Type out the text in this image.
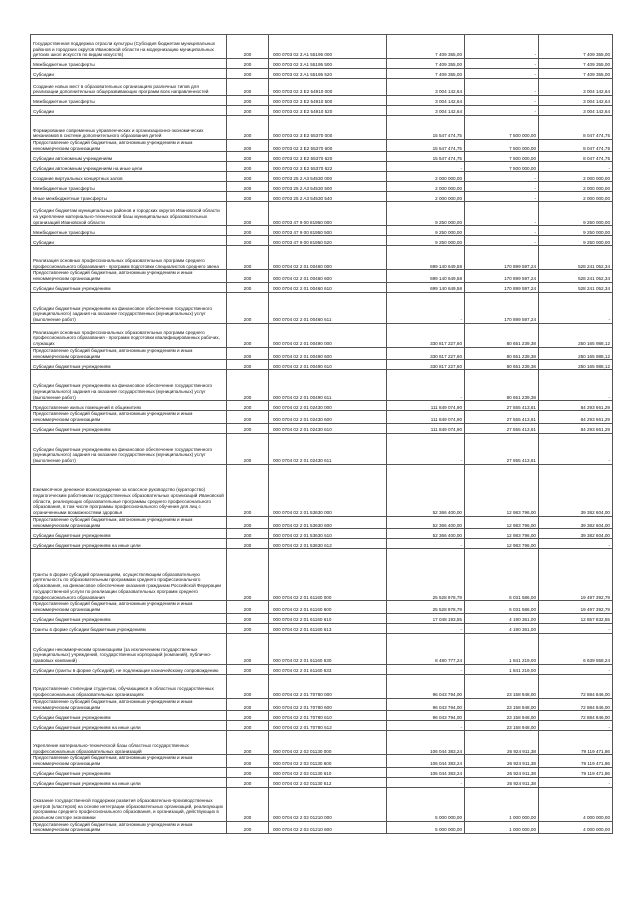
Государственная поддержка отрасли культуры (Субсидия бюджетам муниципальных районов и городских округов Ивановской области на модернизацию муниципальных детских школ искусств по видам искусств)	200	000 0703 02 3 A1 55195 000	7 409 355,00	-	7 409 355,00
Межбюджетные трансферты	200	000 0703 02 3 A1 55195 500	7 409 355,00	-	7 409 355,00
Субсидии	200	000 0703 02 3 A1 55195 520	7 409 355,00	-	7 409 355,00
Создание новых мест в образовательных организациях различных типов для реализации дополнительных общеразвивающих программ всех направленностей	200	000 0703 02 3 E2 54910 000	3 004 142,64	-	3 004 142,64
Межбюджетные трансферты	200	000 0703 02 3 E2 54910 500	3 004 142,64	-	3 004 142,64
Субсидии	200	000 0703 02 3 E2 54910 520	3 004 142,64	-	3 004 142,64
Формирование современных управленческих и организационно-экономических механизмов в системе дополнительного образования детей	200	000 0703 02 3 E2 55370 000	15 547 474,75	7 500 000,00	8 047 474,75
Предоставление субсидий бюджетным, автономным учреждениям и иным некоммерческим организациям	200	000 0703 02 3 E2 55370 600	15 547 474,75	7 500 000,00	8 047 474,75
Субсидии автономным учреждениям	200	000 0703 02 3 E2 55370 620	15 547 474,75	7 500 000,00	8 047 474,75
Субсидии автономным учреждениям на иные цели	200	000 0703 02 3 E2 55370 622	-	7 500 000,00	-
Создание виртуальных концертных залов	200	000 0703 25 2 A3 54530 000	2 000 000,00	-	2 000 000,00
Межбюджетные трансферты	200	000 0703 25 2 A3 54530 500	2 000 000,00	-	2 000 000,00
Иные межбюджетные трансферты	200	000 0703 25 2 A3 54530 540	2 000 000,00	-	2 000 000,00
Субсидии бюджетам муниципальных районов и городских округов Ивановской области на укрепление материально-технической базы муниципальных образовательных организаций Ивановской области	200	000 0703 47 9 00 81950 000	9 250 000,00	-	9 250 000,00
Межбюджетные трансферты	200	000 0703 47 9 00 81950 500	9 250 000,00	-	9 250 000,00
Субсидии	200	000 0703 47 9 00 81950 520	9 250 000,00	-	9 250 000,00
Реализация основных профессиональных образовательных программ среднего профессионального образования - программ подготовки специалистов среднего звена	200	000 0704 02 2 01 00460 000	699 140 649,58	170 899 597,24	528 241 052,34
Предоставление субсидий бюджетным, автономным учреждениям и иным некоммерческим организациям	200	000 0704 02 2 01 00460 600	699 140 649,58	170 899 597,24	528 241 052,34
Субсидии бюджетным учреждениям	200	000 0704 02 2 01 00460 610	699 140 649,58	170 899 597,24	528 241 052,34
Субсидии бюджетным учреждениям на финансовое обеспечение государственного (муниципального) задания на оказание государственных (муниципальных) услуг (выполнение работ)	200	000 0704 02 2 01 00460 611	-	170 899 597,24	-
Реализация основных профессиональных образовательных программ среднего профессионального образования - программ подготовки квалифицированных рабочих, служащих	200	000 0704 02 2 01 00490 000	330 817 227,60	80 651 239,38	250 165 988,12
Предоставление субсидий бюджетным, автономным учреждениям и иным некоммерческим организациям	200	000 0704 02 2 01 00490 600	330 817 227,60	80 651 239,38	250 165 988,12
Субсидии бюджетным учреждениям	200	000 0704 02 2 01 00490 610	330 817 227,60	80 651 239,38	250 165 988,12
Субсидии бюджетным учреждениям на финансовое обеспечение государственного (муниципального) задания на оказание государственных (муниципальных) услуг (выполнение работ)	200	000 0704 02 2 01 00490 611	-	80 651 239,38	-
Предоставление жилых помещений в общежитиях	200	000 0704 02 2 01 02430 000	111 849 074,90	27 555 413,61	84 293 661,29
Предоставление субсидий бюджетным, автономным учреждениям и иным некоммерческим организациям	200	000 0704 02 2 01 02430 600	111 849 074,90	27 555 413,61	84 293 661,29
Субсидии бюджетным учреждениям	200	000 0704 02 2 01 02430 610	111 849 074,90	27 555 413,61	84 293 661,29
Субсидии бюджетным учреждениям на финансовое обеспечение государственного (муниципального) задания на оказание государственных (муниципальных) услуг (выполнение работ)	200	000 0704 02 2 01 02430 611	-	27 555 413,61	-
Ежемесячное денежное вознаграждение за классное руководство (кураторство) педагогическим работникам государственных образовательных организаций Ивановской области, реализующих образовательные программы среднего профессионального образования, в том числе программы профессионального обучения для лиц с ограниченными возможностями здоровья	200	000 0704 02 2 01 53630 000	52 366 400,00	12 983 796,00	39 382 604,00
Предоставление субсидий бюджетным, автономным учреждениям и иным некоммерческим организациям	200	000 0704 02 2 01 53630 600	52 366 400,00	12 983 796,00	39 382 604,00
Субсидии бюджетным учреждениям	200	000 0704 02 2 01 53630 610	52 366 400,00	12 983 796,00	39 382 604,00
Субсидии бюджетным учреждениям на иные цели	200	000 0704 02 2 01 53630 612	-	12 983 796,00	-
Гранты в форме субсидий организациям, осуществляющим образовательную деятельность по образовательным программам среднего профессионального образования, на финансовое обеспечение оказания гражданам Российской Федерации государственной услуги по реализации образовательных программ среднего профессионального образования	200	000 0704 02 2 01 61160 000	25 528 978,79	6 031 586,00	19 497 392,79
Предоставление субсидий бюджетным, автономным учреждениям и иным некоммерческим организациям	200	000 0704 02 2 01 61160 600	25 528 978,79	6 031 586,00	19 497 392,79
Субсидии бюджетным учреждениям	200	000 0704 02 2 01 61160 610	17 048 193,55	4 190 361,00	12 857 832,55
Гранты в форме субсидии бюджетным учреждениям	200	000 0704 02 2 01 61160 613	-	4 190 361,00	-
Субсидии некоммерческим организациям (за исключением государственных (муниципальных) учреждений, государственных корпораций (компаний), публично-правовых компаний)	200	000 0704 02 2 01 61160 630	8 480 777,24	1 841 219,00	6 639 558,24
Субсидии (гранты в форме субсидий), не подлежащие казначейскому сопровождению	200	000 0704 02 2 01 61160 633	-	1 841 219,00	-
Предоставление стипендии студентам, обучающимся в областных государственных профессиональных образовательных организациях	200	000 0704 02 2 01 70780 000	96 043 794,00	23 158 948,00	72 884 846,00
Предоставление субсидий бюджетным, автономным учреждениям и иным некоммерческим организациям	200	000 0704 02 2 01 70780 600	96 043 794,00	23 158 948,00	72 884 846,00
Субсидии бюджетным учреждениям	200	000 0704 02 2 01 70780 610	96 043 794,00	23 158 948,00	72 884 846,00
Субсидии бюджетным учреждениям на иные цели	200	000 0704 02 2 01 70780 612	-	23 158 948,00	-
Укрепление материально-технической базы областных государственных профессиональных образовательных организаций	200	000 0704 02 2 02 01130 000	106 044 383,24	26 924 911,38	79 119 471,86
Предоставление субсидий бюджетным, автономным учреждениям и иным некоммерческим организациям	200	000 0704 02 2 02 01130 600	106 044 383,24	26 924 911,38	79 119 471,86
Субсидии бюджетным учреждениям	200	000 0704 02 2 02 01130 610	106 044 383,24	26 924 911,38	79 119 471,86
Субсидии бюджетным учреждениям на иные цели	200	000 0704 02 2 02 01130 612	-	26 924 911,38	-
Оказание государственной поддержки развития образовательно-производственных центров (кластеров) на основе интеграции образовательных организаций, реализующих программы среднего профессионального образования, и организаций, действующих в реальном секторе экономики	200	000 0704 02 2 02 01210 000	5 000 000,00	1 000 000,00	4 000 000,00
Предоставление субсидий бюджетным, автономным учреждениям и иным некоммерческим организациям	200	000 0704 02 2 02 01210 600	5 000 000,00	1 000 000,00	4 000 000,00
